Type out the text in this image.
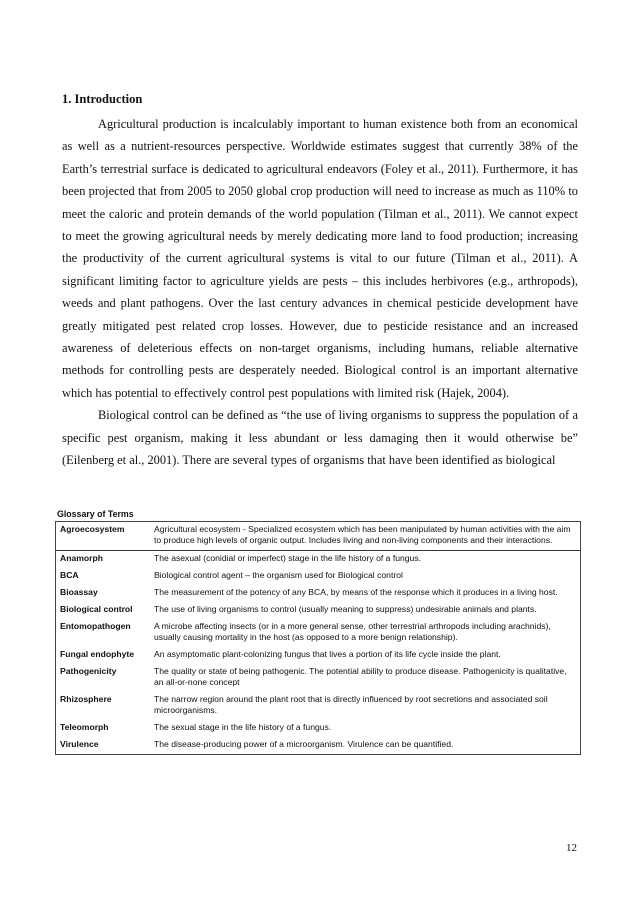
1. Introduction

Agricultural production is incalculably important to human existence both from an economical as well as a nutrient-resources perspective. Worldwide estimates suggest that currently 38% of the Earth’s terrestrial surface is dedicated to agricultural endeavors (Foley et al., 2011). Furthermore, it has been projected that from 2005 to 2050 global crop production will need to increase as much as 110% to meet the caloric and protein demands of the world population (Tilman et al., 2011). We cannot expect to meet the growing agricultural needs by merely dedicating more land to food production; increasing the productivity of the current agricultural systems is vital to our future (Tilman et al., 2011). A significant limiting factor to agriculture yields are pests – this includes herbivores (e.g., arthropods), weeds and plant pathogens. Over the last century advances in chemical pesticide development have greatly mitigated pest related crop losses. However, due to pesticide resistance and an increased awareness of deleterious effects on non-target organisms, including humans, reliable alternative methods for controlling pests are desperately needed. Biological control is an important alternative which has potential to effectively control pest populations with limited risk (Hajek, 2004).

Biological control can be defined as “the use of living organisms to suppress the population of a specific pest organism, making it less abundant or less damaging then it would otherwise be” (Eilenberg et al., 2001). There are several types of organisms that have been identified as biological

Glossary of Terms
Agroecosystem	Agricultural ecosystem - Specialized ecosystem which has been manipulated by human activities with the aim to produce high levels of organic output. Includes living and non-living components and their interactions.
Anamorph	The asexual (conidial or imperfect) stage in the life history of a fungus.
BCA	Biological control agent – the organism used for Biological control
Bioassay	The measurement of the potency of any BCA, by means of the response which it produces in a living host.
Biological control	The use of living organisms to control (usually meaning to suppress) undesirable animals and plants.
Entomopathogen	A microbe affecting insects (or in a more general sense, other terrestrial arthropods including arachnids), usually causing mortality in the host (as opposed to a more benign relationship).
Fungal endophyte	An asymptomatic plant-colonizing fungus that lives a portion of its life cycle inside the plant.
Pathogenicity	The quality or state of being pathogenic. The potential ability to produce disease. Pathogenicity is qualitative, an all-or-none concept
Rhizosphere	The narrow region around the plant root that is directly influenced by root secretions and associated soil microorganisms.
Teleomorph	The sexual stage in the life history of a fungus.
Virulence	The disease-producing power of a microorganism. Virulence can be quantified.
12
